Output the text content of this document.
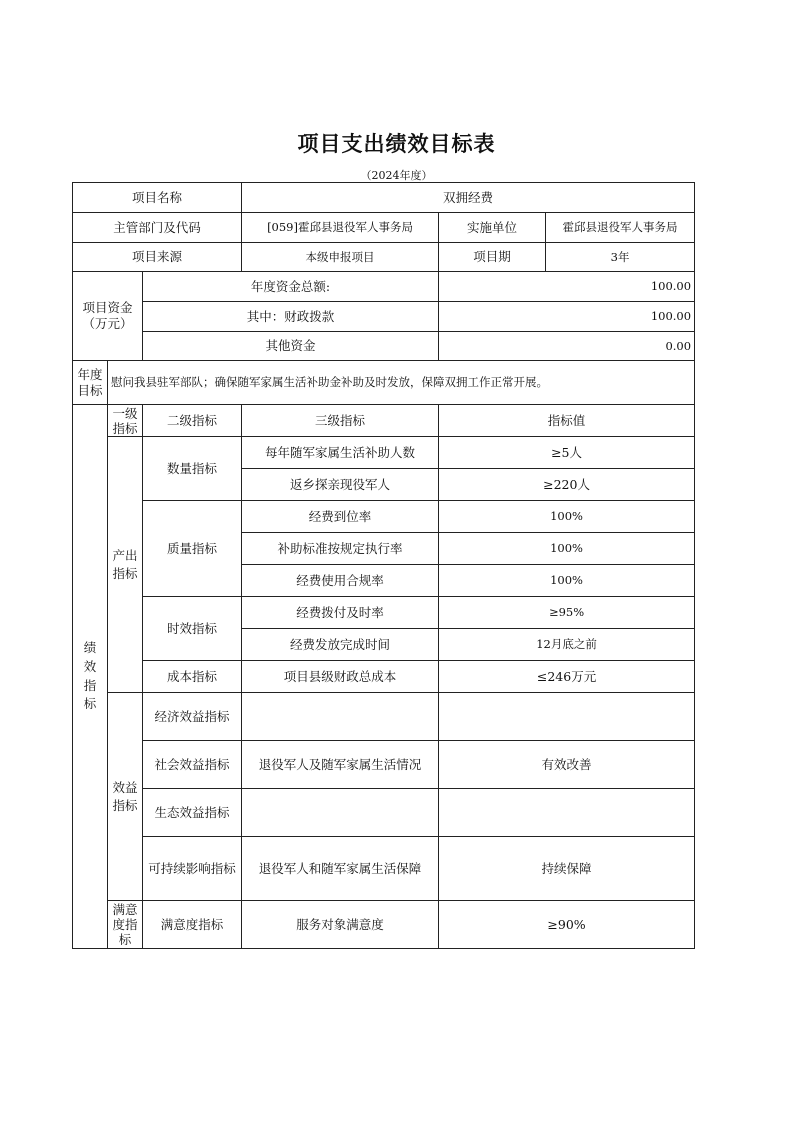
项目支出绩效目标表
（2024年度）
项目名称			双拥经费		
主管部门及代码			[059]霍邱县退役军人事务局	实施单位	霍邱县退役军人事务局
项目来源			本级申报项目	项目期	3年

项目资金
（万元）		年度资金总额:		100.00	
		其中：财政拨款		100.00	
		其他资金		0.00	

年度
目标	慰问我县驻军部队；确保随军家属生活补助金补助及时发放，保障双拥工作正常开展。				

绩效指标	一级指标	二级指标	三级指标	指标值	

	产出指标	数量指标	每年随军家属生活补助人数	≥5人	
			返乡探亲现役军人	≥220人	
		质量指标	经费到位率	100%	
			补助标准按规定执行率	100%	
			经费使用合规率	100%	
		时效指标	经费拨付及时率	≥95%	
			经费发放完成时间	12月底之前	
		成本指标	项目县级财政总成本	≤246万元	

	效益指标	经济效益指标			
		社会效益指标	退役军人及随军家属生活情况	有效改善	
		生态效益指标			
		可持续影响指标	退役军人和随军家属生活保障	持续保障	

	满意度指标	满意度指标	服务对象满意度	≥90%	
